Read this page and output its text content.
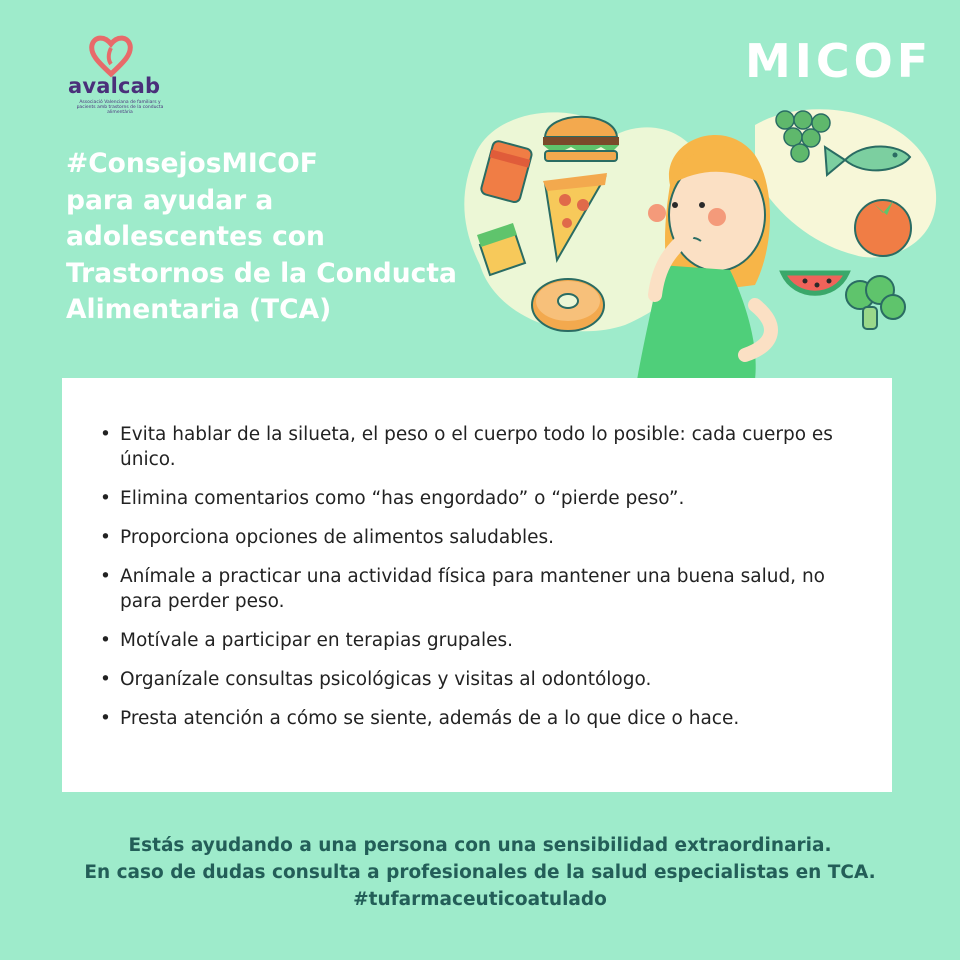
avalcab
Associació Valenciana de familiars y pacients amb trastorns de la conducta alimentària
MICOF
#ConsejosMICOF
para ayudar a
adolescentes con
Trastornos de la Conducta
Alimentaria (TCA)
• Evita hablar de la silueta, el peso o el cuerpo todo lo posible: cada cuerpo es único.
• Elimina comentarios como “has engordado” o “pierde peso”.
• Proporciona opciones de alimentos saludables.
• Anímale a practicar una actividad física para mantener una buena salud, no para perder peso.
• Motívale a participar en terapias grupales.
• Organízale consultas psicológicas y visitas al odontólogo.
• Presta atención a cómo se siente, además de a lo que dice o hace.
Estás ayudando a una persona con una sensibilidad extraordinaria.
En caso de dudas consulta a profesionales de la salud especialistas en TCA.
#tufarmaceuticoatulado
